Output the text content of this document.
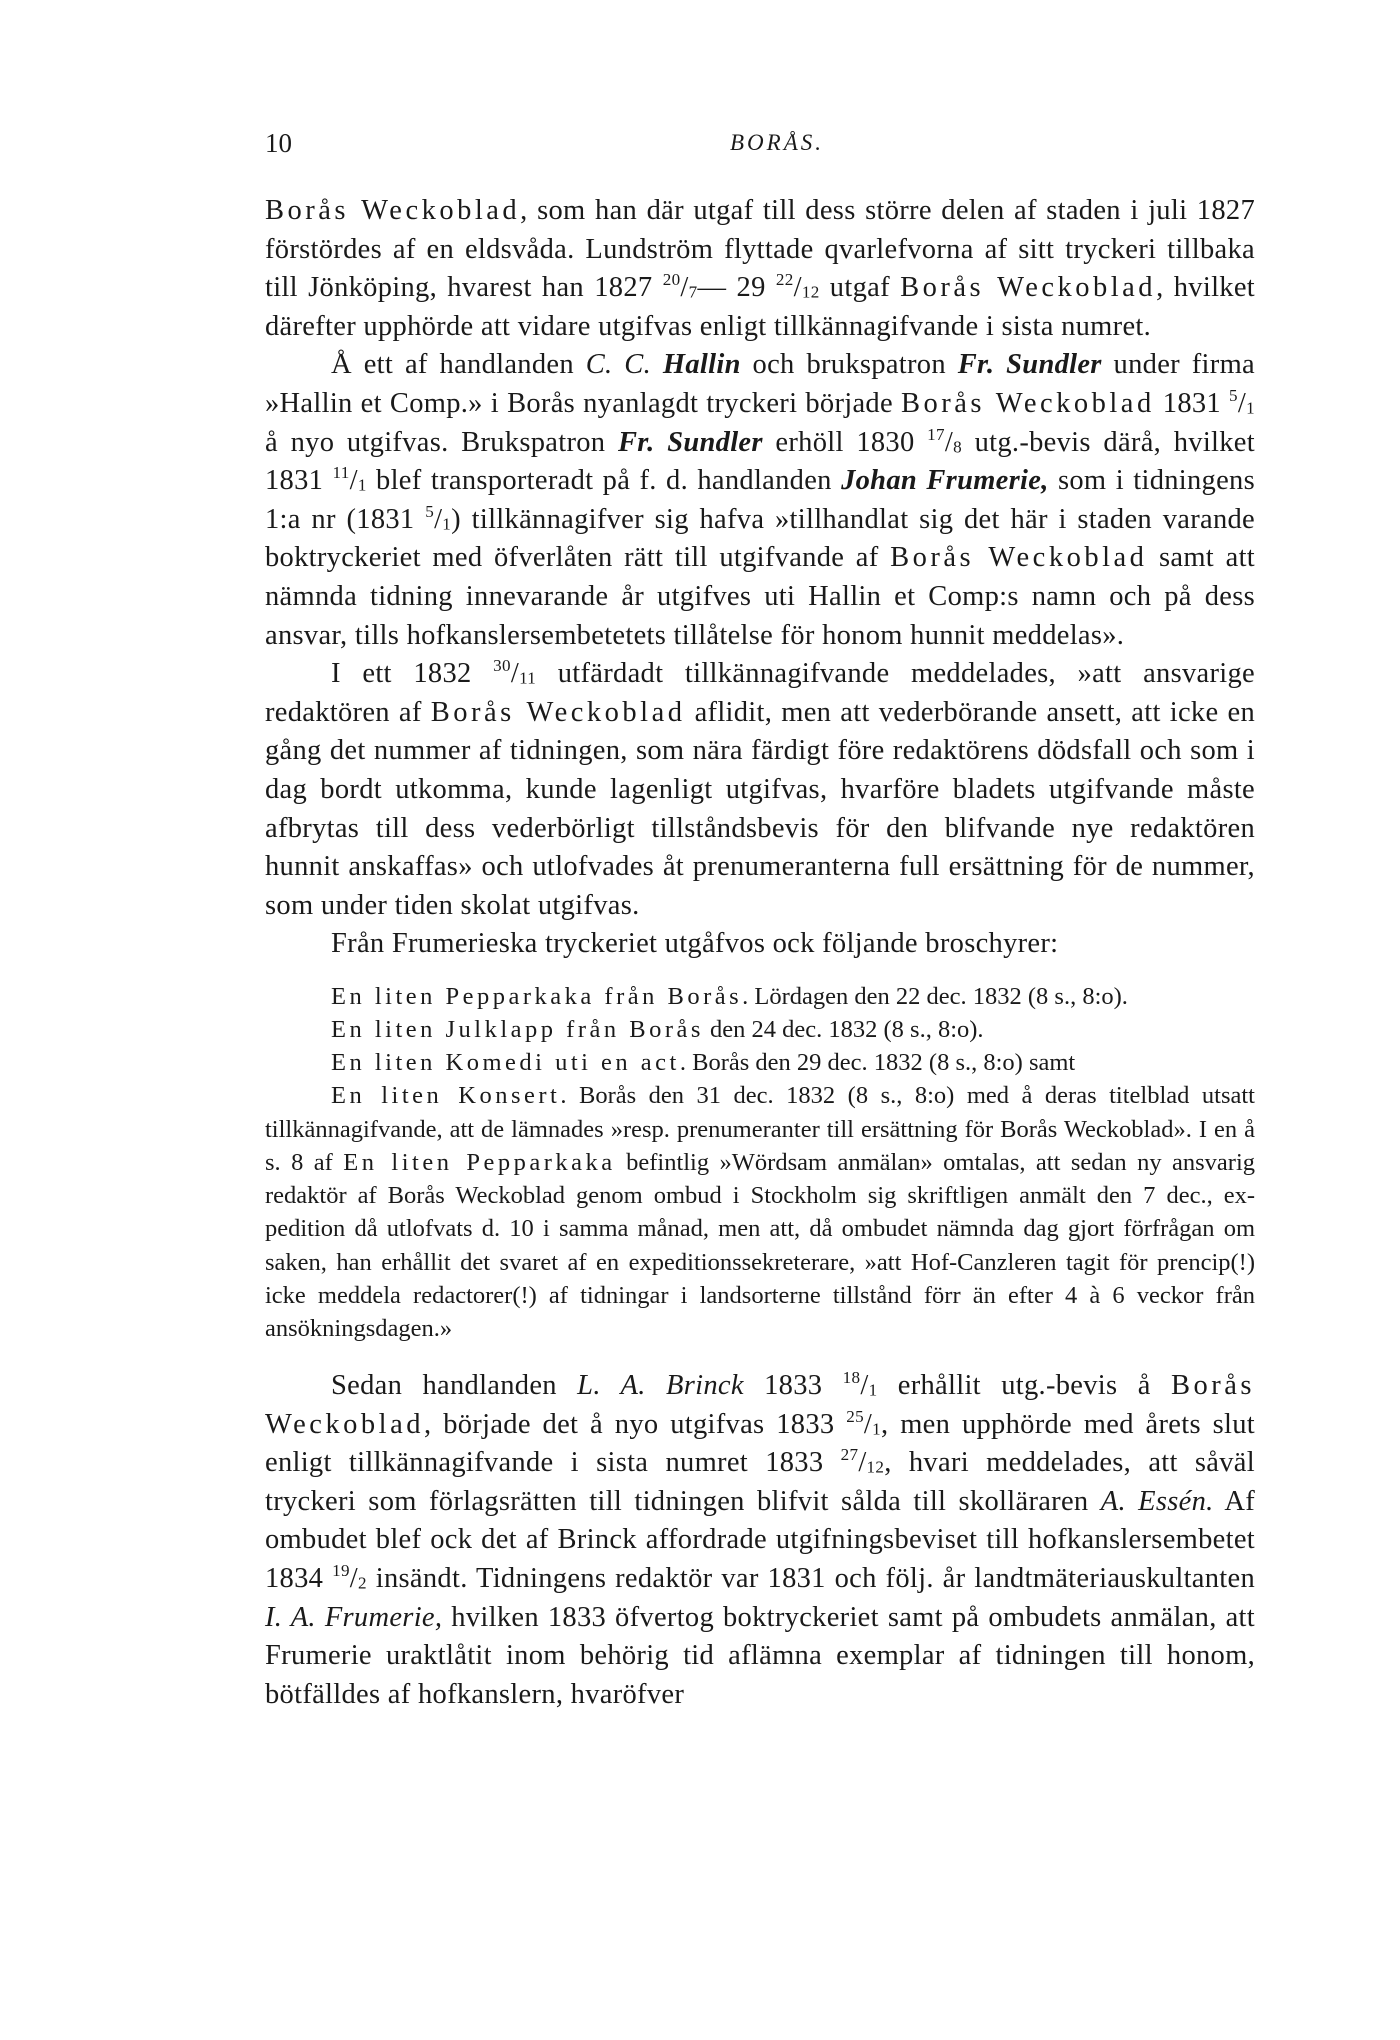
10	BORÅS.

Borås Weckoblad, som han där utgaf till dess större delen af staden i juli 1827 förstördes af en eldsvåda. Lundström flyttade qvarlefvorna af sitt tryckeri tillbaka till Jönköping, hvarest han 1827 $^{20}/_7—$ 29 $^{22}/_{12}$ utgaf Borås Weckoblad, hvilket därefter upphörde att vidare utgifvas enligt tillkännagifvande i sista numret.

Å ett af handlanden C. C. Hallin och brukspatron Fr. Sundler under firma »Hallin et Comp.» i Borås nyanlagdt tryckeri började Borås Weckoblad 1831 $^5/_1$ å nyo utgifvas. Brukspatron Fr. Sundler erhöll 1830 $^{17}/_8$ utg.-bevis därå, hvilket 1831 $^{11}/_1$ blef transporteradt på f. d. handlanden Johan Frumerie, som i tidningens 1:a nr (1831 $^5/_1$) tillkännagifver sig hafva »tillhandlat sig det här i staden varande boktryckeriet med öfverlåten rätt till utgifvande af Borås Weckoblad samt att nämnda tidning innevarande år utgifves uti Hallin et Comp:s namn och på dess ansvar, tills hofkanslersembetetets tillåtelse för honom hunnit meddelas».

I ett 1832 $^{30}/_{11}$ utfärdadt tillkännagifvande meddelades, »att ansvarige redaktören af Borås Weckoblad aflidit, men att vederbörande ansett, att icke en gång det nummer af tidningen, som nära färdigt före redaktörens dödsfall och som i dag bordt utkomma, kunde lagenligt utgifvas, hvarföre bladets utgifvande måste afbrytas till dess vederbörligt tillståndsbevis för den blifvande nye redaktören hunnit anskaffas» och utlofvades åt prenumeranterna full ersättning för de nummer, som under tiden skolat utgifvas.

Från Frumerieska tryckeriet utgåfvos ock följande broschyrer:

En liten Pepparkaka från Borås. Lördagen den 22 dec. 1832 (8 s., 8:o).

En liten Julklapp från Borås den 24 dec. 1832 (8 s., 8:o).

En liten Komedi uti en act. Borås den 29 dec. 1832 (8 s., 8:o) samt

En liten Konsert. Borås den 31 dec. 1832 (8 s., 8:o) med å deras titelblad utsatt tillkännagifvande, att de lämnades »resp. prenumeranter till ersättning för Borås Weckoblad». I en å s. 8 af En liten Pepparkaka befintlig »Wördsam anmälan» omtalas, att sedan ny ansvarig redaktör af Borås Weckoblad genom ombud i Stockholm sig skriftligen anmält den 7 dec., expedition då utlofvats d. 10 i samma månad, men att, då ombudet nämnda dag gjort förfrågan om saken, han erhållit det svaret af en expeditionssekreterare, »att Hof-Canzleren tagit för prencip(!) icke meddela redactorer(!) af tidningar i landsorterne tillstånd förr än efter 4 à 6 veckor från ansökningsdagen.»

Sedan handlanden L. A. Brinck 1833 $^{18}/_1$ erhållit utg.-bevis å Borås Weckoblad, började det å nyo utgifvas 1833 $^{25}/_1$, men upphörde med årets slut enligt tillkännagifvande i sista numret 1833 $^{27}/_{12}$, hvari meddelades, att såväl tryckeri som förlagsrätten till tidningen blifvit sålda till skolläraren A. Essén. Af ombudet blef ock det af Brinck affordrade utgifningsbeviset till hofkanslersembetet 1834 $^{19}/_2$ insändt. Tidningens redaktör var 1831 och följ. år landtmäteriauskultanten I. A. Frumerie, hvilken 1833 öfvertog boktryckeriet samt på ombudets anmälan, att Frumerie uraktlåtit inom behörig tid aflämna exemplar af tidningen till honom, bötfälldes af hofkanslern, hvaröfver
